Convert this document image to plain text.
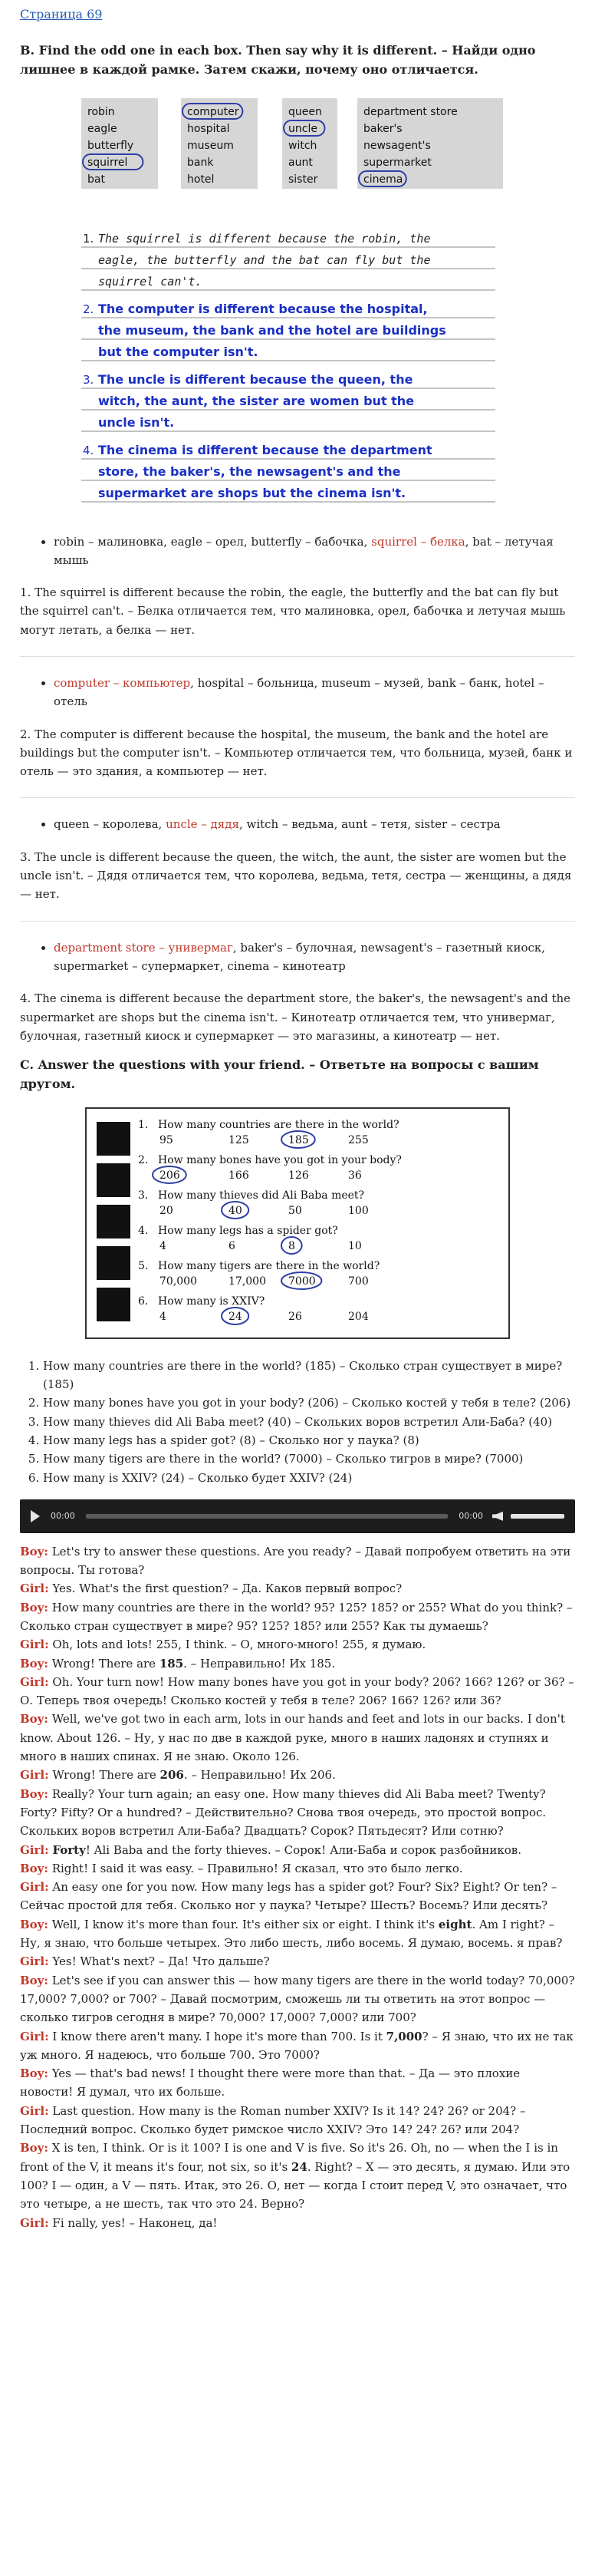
Страница 69
B. Find the odd one in each box. Then say why it is different. – Найди одно лишнее в каждой рамке. Затем скажи, почему оно отличается.
robin
eagle
butterfly
squirrel
bat
computer
hospital
museum
bank
hotel
queen
uncle
witch
aunt
sister
department store
baker's
newsagent's
supermarket
cinema
1. The squirrel is different because the robin, the
eagle, the butterfly and the bat can fly but the
squirrel can't.
2. The computer is different because the hospital,
the museum, the bank and the hotel are buildings
but the computer isn't.
3. The uncle is different because the queen, the
witch, the aunt, the sister are women but the
uncle isn't.
4. The cinema is different because the department
store, the baker's, the newsagent's and the
supermarket are shops but the cinema isn't.
• robin – малиновка, eagle – орел, butterfly – бабочка, squirrel – белка, bat – летучая мышь

1. The squirrel is different because the robin, the eagle, the butterfly and the bat can fly but the squirrel can't. – Белка отличается тем, что малиновка, орел, бабочка и летучая мышь могут летать, а белка — нет.

• computer – компьютер, hospital – больница, museum – музей, bank – банк, hotel – отель

2. The computer is different because the hospital, the museum, the bank and the hotel are buildings but the computer isn't. – Компьютер отличается тем, что больница, музей, банк и отель — это здания, а компьютер — нет.

• queen – королева, uncle – дядя, witch – ведьма, aunt – тетя, sister – сестра

3. The uncle is different because the queen, the witch, the aunt, the sister are women but the uncle isn't. – Дядя отличается тем, что королева, ведьма, тетя, сестра — женщины, а дядя — нет.

• department store – универмаг, baker's – булочная, newsagent's – газетный киоск, supermarket – супермаркет, cinema – кинотеатр

4. The cinema is different because the department store, the baker's, the newsagent's and the supermarket are shops but the cinema isn't. – Кинотеатр отличается тем, что универмаг, булочная, газетный киоск и супермаркет — это магазины, а кинотеатр — нет.

C. Answer the questions with your friend. – Ответьте на вопросы с вашим другом.
1. How many countries are there in the world?
95	125	185	255
2. How many bones have you got in your body?
206	166	126	36
3. How many thieves did Ali Baba meet?
20	40	50	100
4. How many legs has a spider got?
4	6	8	10
5. How many tigers are there in the world?
70,000	17,000 7000	700
6. How many is XXIV?
4	24	26	204
1. How many countries are there in the world? (185) – Сколько стран существует в мире? (185)
2. How many bones have you got in your body? (206) – Сколько костей у тебя в теле? (206)
3. How many thieves did Ali Baba meet? (40) – Скольких воров встретил Али-Баба? (40)
4. How many legs has a spider got? (8) – Сколько ног у паука? (8)
5. How many tigers are there in the world? (7000) – Сколько тигров в мире? (7000)
6. How many is XXIV? (24) – Сколько будет XXIV? (24)
00:00	00:00

Boy: Let's try to answer these questions. Are you ready? – Давай попробуем ответить на эти вопросы. Ты готова?

Girl: Yes. What's the first question? – Да. Каков первый вопрос?

Boy: How many countries are there in the world? 95? 125? 185? or 255? What do you think? – Сколько стран существует в мире? 95? 125? 185? или 255? Как ты думаешь?

Girl: Oh, lots and lots! 255, I think. – О, много-много! 255, я думаю.

Boy: Wrong! There are 185. – Неправильно! Их 185.

Girl: Oh. Your turn now! How many bones have you got in your body? 206? 166? 126? or 36? – О. Теперь твоя очередь! Сколько костей у тебя в теле? 206? 166? 126? или 36?

Boy: Well, we've got two in each arm, lots in our hands and feet and lots in our backs. I don't know. About 126. – Ну, у нас по две в каждой руке, много в наших ладонях и ступнях и много в наших спинах. Я не знаю. Около 126.

Girl: Wrong! There are 206. – Неправильно! Их 206.

Boy: Really? Your turn again; an easy one. How many thieves did Ali Baba meet? Twenty? Forty? Fifty? Or a hundred? – Действительно? Снова твоя очередь, это простой вопрос. Скольких воров встретил Али-Баба? Двадцать? Сорок? Пятьдесят? Или сотню?

Girl: Forty! Ali Baba and the forty thieves. – Сорок! Али-Баба и сорок разбойников.

Boy: Right! I said it was easy. – Правильно! Я сказал, что это было легко.

Girl: An easy one for you now. How many legs has a spider got? Four? Six? Eight? Or ten? – Сейчас простой для тебя. Сколько ног у паука? Четыре? Шесть? Восемь? Или десять?

Boy: Well, I know it's more than four. It's either six or eight. I think it's eight. Am I right? – Ну, я знаю, что больше четырех. Это либо шесть, либо восемь. Я думаю, восемь. я прав?

Girl: Yes! What's next? – Да! Что дальше?

Boy: Let's see if you can answer this — how many tigers are there in the world today? 70,000? 17,000? 7,000? or 700? – Давай посмотрим, сможешь ли ты ответить на этот вопрос — сколько тигров сегодня в мире? 70,000? 17,000? 7,000? или 700?

Girl: I know there aren't many. I hope it's more than 700. Is it 7,000? – Я знаю, что их не так уж много. Я надеюсь, что больше 700. Это 7000?

Boy: Yes — that's bad news! I thought there were more than that. – Да — это плохие новости! Я думал, что их больше.

Girl: Last question. How many is the Roman number XXIV? Is it 14? 24? 26? or 204? – Последний вопрос. Сколько будет римское число XXIV? Это 14? 24? 26? или 204?

Boy: X is ten, I think. Or is it 100? I is one and V is five. So it's 26. Oh, no — when the I is in front of the V, it means it's four, not six, so it's 24. Right? – X — это десять, я думаю. Или это 100? I — один, а V — пять. Итак, это 26. О, нет — когда I стоит перед V, это означает, что это четыре, а не шесть, так что это 24. Верно?

Girl: Fi nally, yes! – Наконец, да!
